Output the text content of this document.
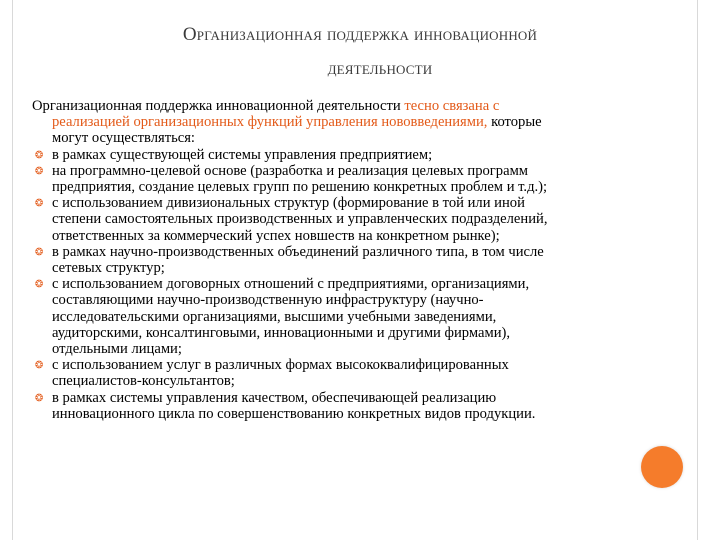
Организационная поддержка инновационной
деятельности

Организационная поддержка инновационной деятельности тесно связана с
реализацией организационных функций управления нововведениями, которые
могут осуществляться:

❂ в рамках существующей системы управления предприятием;
❂ на программно-целевой основе (разработка и реализация целевых программ
предприятия, создание целевых групп по решению конкретных проблем и т.д.);
❂ с использованием дивизиональных структур (формирование в той или иной
степени самостоятельных производственных и управленческих подразделений,
ответственных за коммерческий успех новшеств на конкретном рынке);
❂ в рамках научно-производственных объединений различного типа, в том числе
сетевых структур;
❂ с использованием договорных отношений с предприятиями, организациями,
составляющими научно-производственную инфраструктуру (научно-
исследовательскими организациями, высшими учебными заведениями,
аудиторскими, консалтинговыми, инновационными и другими фирмами),
отдельными лицами;
❂ с использованием услуг в различных формах высококвалифицированных
специалистов-консультантов;
❂ в рамках системы управления качеством, обеспечивающей реализацию
инновационного цикла по совершенствованию конкретных видов продукции.
